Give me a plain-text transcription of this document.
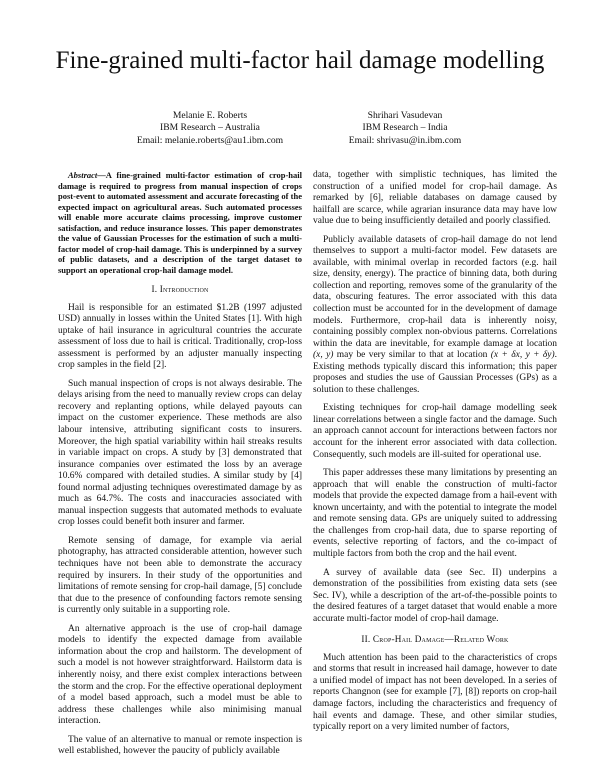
Fine-grained multi-factor hail damage modelling
Melanie E. Roberts
IBM Research – Australia
Email: melanie.roberts@au1.ibm.com
Shrihari Vasudevan
IBM Research – India
Email: shrivasu@in.ibm.com

Abstract—A fine-grained multi-factor estimation of crop-hail damage is required to progress from manual inspection of crops post-event to automated assessment and accurate forecasting of the expected impact on agricultural areas. Such automated processes will enable more accurate claims processing, improve customer satisfaction, and reduce insurance losses. This paper demonstrates the value of Gaussian Processes for the estimation of such a multi-factor model of crop-hail damage. This is underpinned by a survey of public datasets, and a description of the target dataset to support an operational crop-hail damage model.

I. Introduction

Hail is responsible for an estimated $1.2B (1997 adjusted USD) annually in losses within the United States [1]. With high uptake of hail insurance in agricultural countries the accurate assessment of loss due to hail is critical. Traditionally, crop-loss assessment is performed by an adjuster manually inspecting crop samples in the field [2].

Such manual inspection of crops is not always desirable. The delays arising from the need to manually review crops can delay recovery and replanting options, while delayed payouts can impact on the customer experience. These methods are also labour intensive, attributing significant costs to insurers. Moreover, the high spatial variability within hail streaks results in variable impact on crops. A study by [3] demonstrated that insurance companies over estimated the loss by an average 10.6% compared with detailed studies. A similar study by [4] found normal adjusting techniques overestimated damage by as much as 64.7%. The costs and inaccuracies associated with manual inspection suggests that automated methods to evaluate crop losses could benefit both insurer and farmer.

Remote sensing of damage, for example via aerial photography, has attracted considerable attention, however such techniques have not been able to demonstrate the accuracy required by insurers. In their study of the opportunities and limitations of remote sensing for crop-hail damage, [5] conclude that due to the presence of confounding factors remote sensing is currently only suitable in a supporting role.

An alternative approach is the use of crop-hail damage models to identify the expected damage from available information about the crop and hailstorm. The development of such a model is not however straightforward. Hailstorm data is inherently noisy, and there exist complex interactions between the storm and the crop. For the effective operational deployment of a model based approach, such a model must be able to address these challenges while also minimising manual interaction.

The value of an alternative to manual or remote inspection is well established, however the paucity of publicly available

data, together with simplistic techniques, has limited the construction of a unified model for crop-hail damage. As remarked by [6], reliable databases on damage caused by hailfall are scarce, while agrarian insurance data may have low value due to being insufficiently detailed and poorly classified.

Publicly available datasets of crop-hail damage do not lend themselves to support a multi-factor model. Few datasets are available, with minimal overlap in recorded factors (e.g. hail size, density, energy). The practice of binning data, both during collection and reporting, removes some of the granularity of the data, obscuring features. The error associated with this data collection must be accounted for in the development of damage models. Furthermore, crop-hail data is inherently noisy, containing possibly complex non-obvious patterns. Correlations within the data are inevitable, for example damage at location (x, y) may be very similar to that at location (x + δx, y + δy). Existing methods typically discard this information; this paper proposes and studies the use of Gaussian Processes (GPs) as a solution to these challenges.

Existing techniques for crop-hail damage modelling seek linear correlations between a single factor and the damage. Such an approach cannot account for interactions between factors nor account for the inherent error associated with data collection. Consequently, such models are ill-suited for operational use.

This paper addresses these many limitations by presenting an approach that will enable the construction of multi-factor models that provide the expected damage from a hail-event with known uncertainty, and with the potential to integrate the model and remote sensing data. GPs are uniquely suited to addressing the challenges from crop-hail data, due to sparse reporting of events, selective reporting of factors, and the co-impact of multiple factors from both the crop and the hail event.

A survey of available data (see Sec. II) underpins a demonstration of the possibilities from existing data sets (see Sec. IV), while a description of the art-of-the-possible points to the desired features of a target dataset that would enable a more accurate multi-factor model of crop-hail damage.

II. Crop-Hail Damage—Related Work

Much attention has been paid to the characteristics of crops and storms that result in increased hail damage, however to date a unified model of impact has not been developed. In a series of reports Changnon (see for example [7], [8]) reports on crop-hail damage factors, including the characteristics and frequency of hail events and damage. These, and other similar studies, typically report on a very limited number of factors,
